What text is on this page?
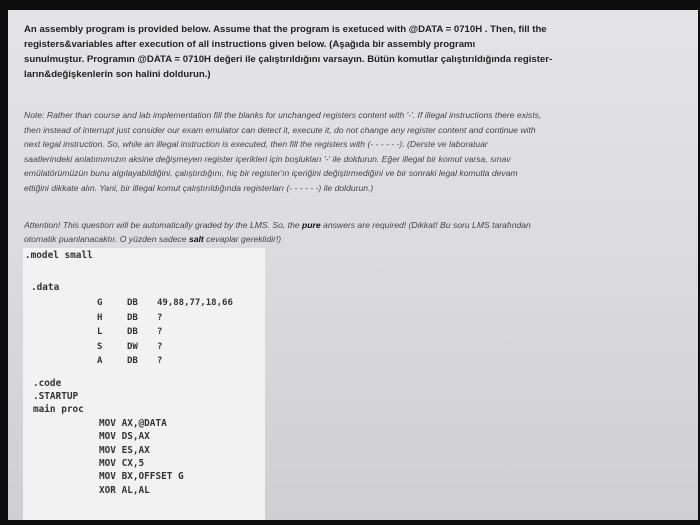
An assembly program is provided below. Assume that the program is exetuced with @DATA = 0710H . Then, fill the

registers&variables after execution of all instructions given below. (Aşağıda bir assembly programı

sunulmuştur. Programın @DATA = 0710H değeri ile çalıştırıldığını varsayın. Bütün komutlar çalıştırıldığında register-

ların&değişkenlerin son halini doldurun.)

Note: Rather than course and lab implementation fill the blanks for unchanged registers content with '-'. If illegal instructions there exists,

then instead of interrupt just consider our exam emulator can detect it, execute it, do not change any register content and continue with

next legal instruction. So, while an illegal instruction is executed, then fill the registers with (- - - - - -). (Derste ve laboratuar

saatlerindeki anlatımımızın aksine değişmeyen register içerikleri için boşlukları '-' ile doldurun. Eğer illegal bir komut varsa, sınav

emülatörümüzün bunu algılayabildiğini, çalıştırdığını, hiç bir register'ın içeriğini değiştirmediğini ve bir sonraki legal komutla devam

ettiğini dikkate alın. Yani, bir illegal komut çalıştırıldığında registerları (- - - - - -) ile doldurun.)

Attention! This question will be automatically graded by the LMS. So, the pure answers are required! (Dikkat! Bu soru LMS tarafından

otomatik puanlanacaktır. O yüzden sadece salt cevaplar gereklidir!)

.model small
.data
G	DB 49,88,77,18,66
H	DB ?
L	DB ?
S	DW ?
A	DB ?
.code
.STARTUP
main proc
MOV AX,@DATA
MOV DS,AX
MOV ES,AX
MOV CX,5
MOV BX,OFFSET G
XOR AL,AL
